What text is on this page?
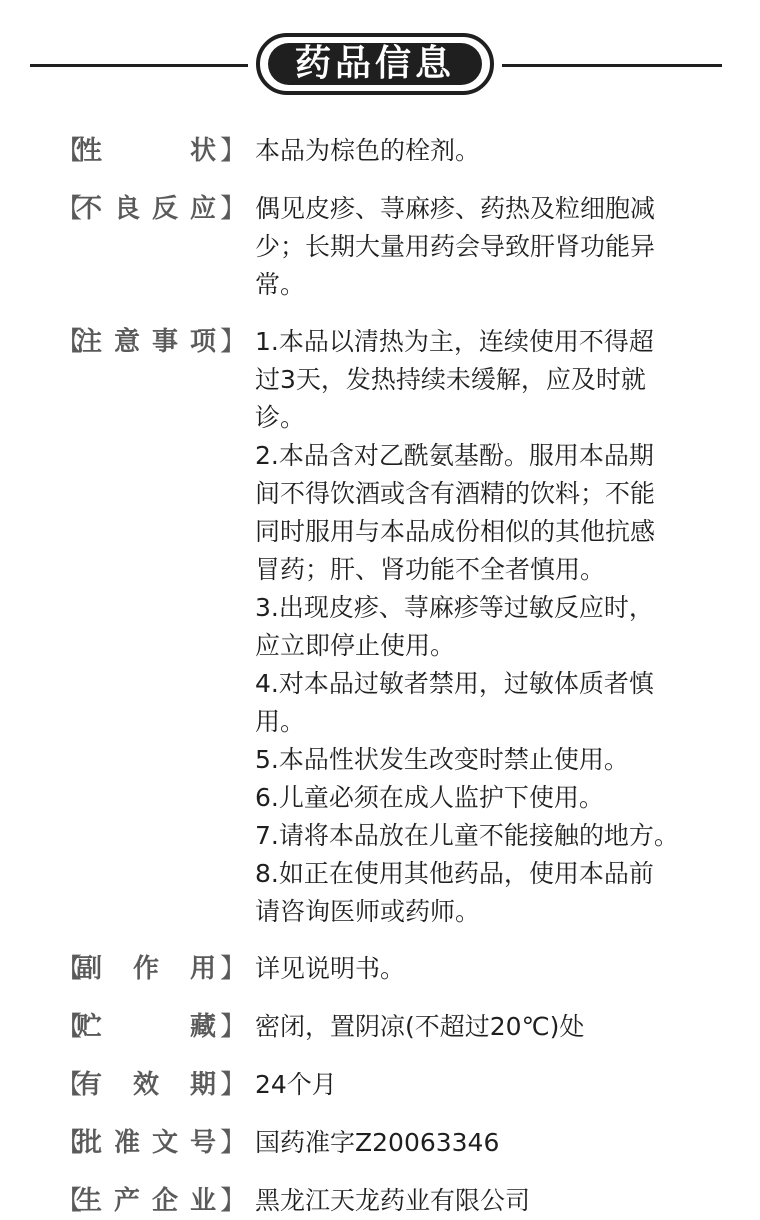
药品信息
【
性	状 】 本品为棕色的栓剂。
【
不 良 反 应 】 偶见皮疹、荨麻疹、药热及粒细胞减
少；长期大量用药会导致肝肾功能异
常。
【
注 意 事 项 】 1.本品以清热为主，连续使用不得超
过3天，发热持续未缓解，应及时就
诊。
2.本品含对乙酰氨基酚。服用本品期
间不得饮酒或含有酒精的饮料；不能
同时服用与本品成份相似的其他抗感
冒药；肝、肾功能不全者慎用。
3.出现皮疹、荨麻疹等过敏反应时，
应立即停止使用。
4.对本品过敏者禁用，过敏体质者慎
用。
5.本品性状发生改变时禁止使用。
6.儿童必须在成人监护下使用。
7.请将本品放在儿童不能接触的地方。
8.如正在使用其他药品，使用本品前
请咨询医师或药师。
【
副 作 用 】 详见说明书。
【
贮	藏 】 密闭，置阴凉(不超过20℃)处
【
有 效 期 】 24个月
【
批 准 文 号 】 国药准字Z20063346
【
生 产 企 业 】 黑龙江天龙药业有限公司
